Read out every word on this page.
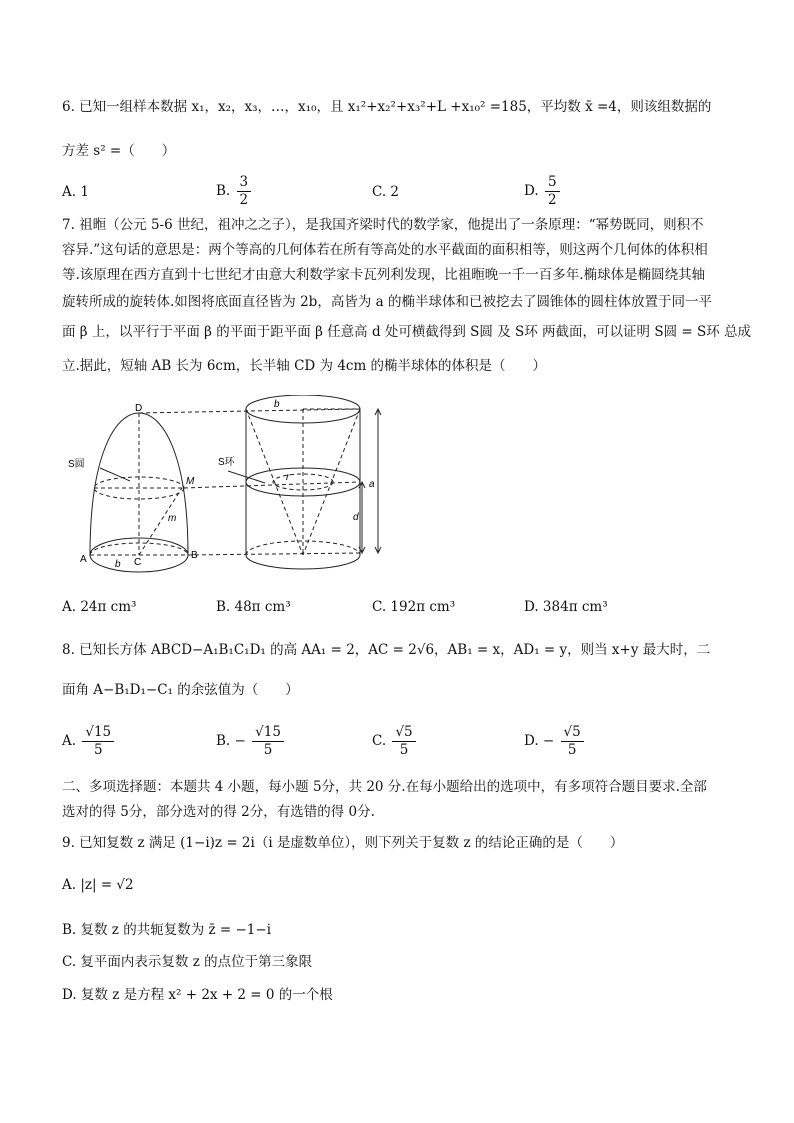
6. 已知一组样本数据 x₁，x₂，x₃，…，x₁₀，且 x₁²+x₂²+x₃²+L +x₁₀² =185，平均数 x̄ =4，则该组数据的
方差 s² =（　　）
A. 1	B. $\frac{3}{2}$	C. 2	D. $\frac{5}{2}$
7. 祖暅（公元 5-6 世纪，祖冲之之子），是我国齐梁时代的数学家，他提出了一条原理：“幂势既同，则积不
容异.”这句话的意思是：两个等高的几何体若在所有等高处的水平截面的面积相等，则这两个几何体的体积相
等.该原理在西方直到十七世纪才由意大利数学家卡瓦列利发现，比祖暅晚一千一百多年.椭球体是椭圆绕其轴
旋转所成的旋转体.如图将底面直径皆为 2b，高皆为 a 的椭半球体和已被挖去了圆锥体的圆柱体放置于同一平
面 β 上，以平行于平面 β 的平面于距平面 β 任意高 d 处可横截得到 S圆 及 S环 两截面，可以证明 S圆 = S环 总成
立.据此，短轴 AB 长为 6cm，长半轴 CD 为 4cm 的椭半球体的体积是（　　）
D
S圆
M
m
A	C
B
b
S环
r
a
d
b
A. 24π cm³	B. 48π cm³	C. 192π cm³	D. 384π cm³
8. 已知长方体 ABCD−A₁B₁C₁D₁ 的高 AA₁ = 2，AC = 2√6，AB₁ = x，AD₁ = y，则当 x+y 最大时，二
面角 A−B₁D₁−C₁ 的余弦值为（　　）
A. $\frac{√15}{5}$	B. − $\frac{√15}{5}$	C. $\frac{√5}{5}$	D. − $\frac{√5}{5}$
二、多项选择题：本题共 4 小题，每小题 5分，共 20 分.在每小题给出的选项中，有多项符合题目要求.全部
选对的得 5分，部分选对的得 2分，有选错的得 0分.
9. 已知复数 z 满足 (1−i)z = 2i（i 是虚数单位），则下列关于复数 z 的结论正确的是（　　）
A. |z| = √2
B. 复数 z 的共轭复数为 z̄ = −1−i
C. 复平面内表示复数 z 的点位于第三象限
D. 复数 z 是方程 x² + 2x + 2 = 0 的一个根
